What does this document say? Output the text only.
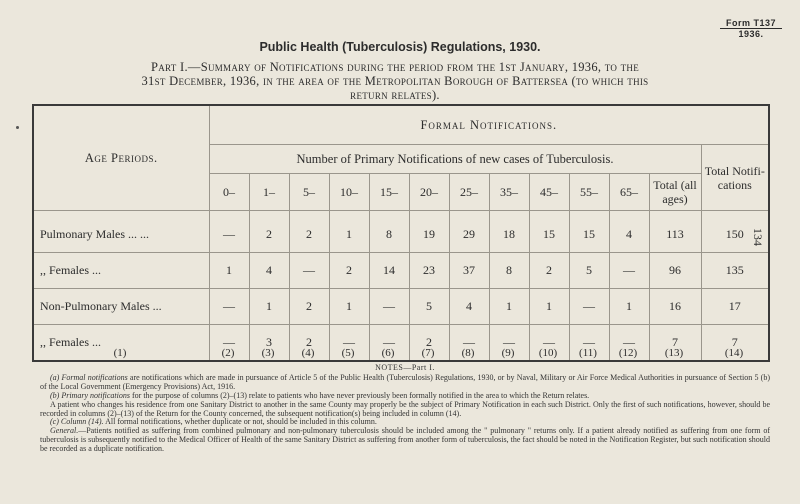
Form T137
1936.
Public Health (Tuberculosis) Regulations, 1930.
Part I.—Summary of Notifications during the period from the 1st January, 1936, to the
31st December, 1936, in the area of the Metropolitan Borough of Battersea (to which this
return relates).
134
Age Periods.	Formal Notifications.												
	Number of Primary Notifications of new cases of Tuberculosis.												Total Notifi-cations
	0–	1–	5–	10–	15–	20–	25–	35–	45–	55–	65–	Total (all ages)	
Pulmonary Males ... ...	—	2	2	1	8	19	29	18	15	15	4	113	150
,, Females ...	1	4	—	2	14	23	37	8	2	5	—	96	135
Non-Pulmonary Males ...	—	1	2	1	—	5	4	1	1	—	1	16	17
,, Females ...	—	3	2	—	—	2	—	—	—	—	—	7	7
(1)	(2)	(3)	(4)	(5)	(6)	(7)	(8)	(9)	(10)	(11)	(12)	(13)	(14)
NOTES—Part I.

(a) Formal notifications are notifications which are made in pursuance of Article 5 of the Public Health (Tuberculosis) Regulations, 1930, or by Naval, Military or Air Force Medical Authorities in pursuance of Section 5 (b) of the Local Government (Emergency Provisions) Act, 1916.

(b) Primary notifications for the purpose of columns (2)–(13) relate to patients who have never previously been formally notified in the area to which the Return relates.

A patient who changes his residence from one Sanitary District to another in the same County may properly be the subject of Primary Notification in each such District. Only the first of such notifications, however, should be recorded in columns (2)–(13) of the Return for the County concerned, the subsequent notification(s) being included in column (14).

(c) Column (14). All formal notifications, whether duplicate or not, should be included in this column.

General.—Patients notified as suffering from combined pulmonary and non-pulmonary tuberculosis should be included among the " pulmonary " returns only. If a patient already notified as suffering from one form of tuberculosis is subsequently notified to the Medical Officer of Health of the same Sanitary District as suffering from another form of tuberculosis, the fact should be noted in the Notification Register, but such notification should be recorded as a duplicate notification.
